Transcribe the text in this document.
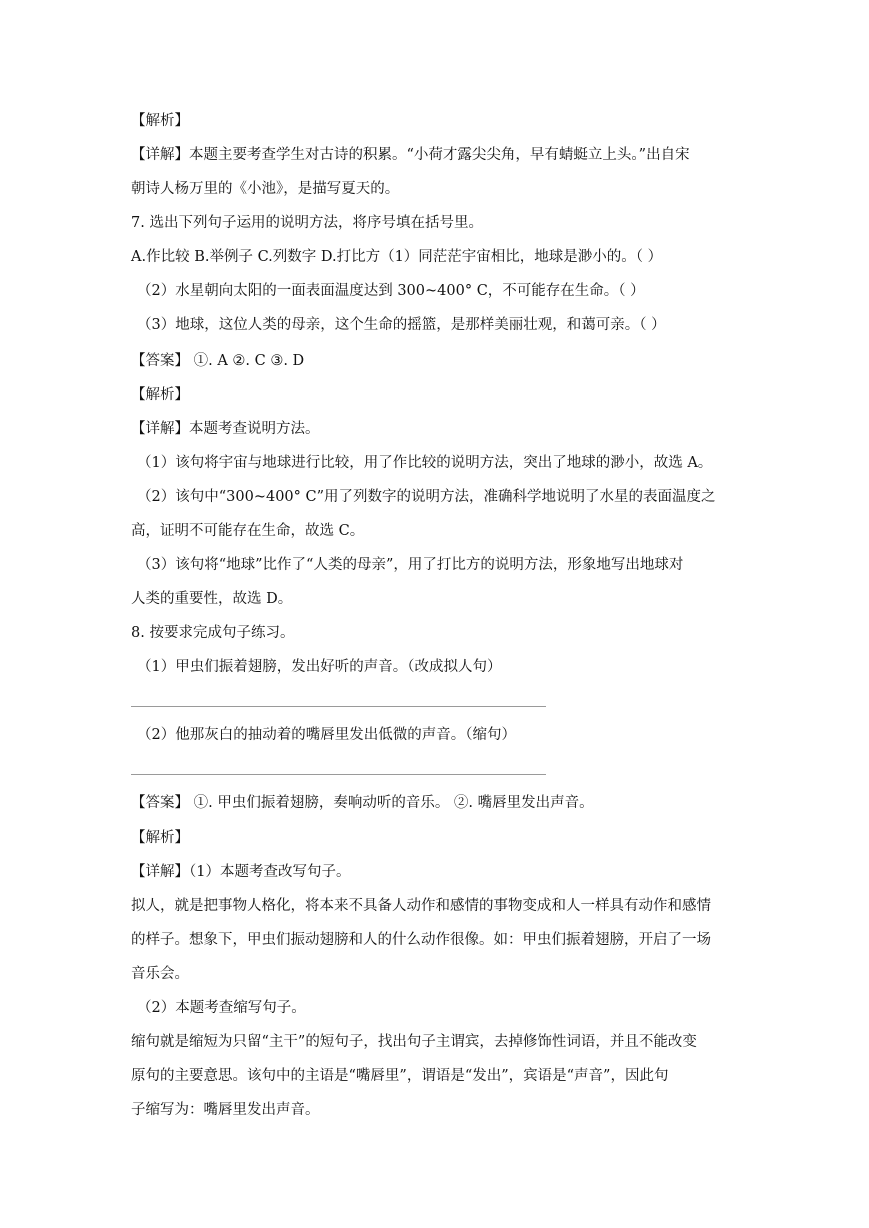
【解析】
【详解】本题主要考查学生对古诗的积累。“小荷才露尖尖角，早有蜻蜓立上头。”出自宋
朝诗人杨万里的《小池》，是描写夏天的。
7. 选出下列句子运用的说明方法，将序号填在括号里。
A.作比较 B.举例子 C.列数字 D.打比方（1）同茫茫宇宙相比，地球是渺小的。（ ）
（2）水星朝向太阳的一面表面温度达到 300~400° C，不可能存在生命。（ ）
（3）地球，这位人类的母亲，这个生命的摇篮，是那样美丽壮观，和蔼可亲。（ ）
【答案】 ①. A ②. C ③. D
【解析】
【详解】本题考查说明方法。
（1）该句将宇宙与地球进行比较，用了作比较的说明方法，突出了地球的渺小，故选 A。
（2）该句中“300~400° C”用了列数字的说明方法，准确科学地说明了水星的表面温度之
高，证明不可能存在生命，故选 C。
（3）该句将“地球”比作了“人类的母亲”，用了打比方的说明方法，形象地写出地球对
人类的重要性，故选 D。
8. 按要求完成句子练习。
（1）甲虫们振着翅膀，发出好听的声音。（改成拟人句）
（2）他那灰白的抽动着的嘴唇里发出低微的声音。（缩句）
【答案】 ①. 甲虫们振着翅膀，奏响动听的音乐。 ②. 嘴唇里发出声音。
【解析】
【详解】（1）本题考查改写句子。
拟人，就是把事物人格化，将本来不具备人动作和感情的事物变成和人一样具有动作和感情
的样子。想象下，甲虫们振动翅膀和人的什么动作很像。如：甲虫们振着翅膀，开启了一场
音乐会。
（2）本题考查缩写句子。
缩句就是缩短为只留“主干”的短句子，找出句子主谓宾，去掉修饰性词语，并且不能改变
原句的主要意思。该句中的主语是“嘴唇里”，谓语是“发出”，宾语是“声音”，因此句
子缩写为：嘴唇里发出声音。
